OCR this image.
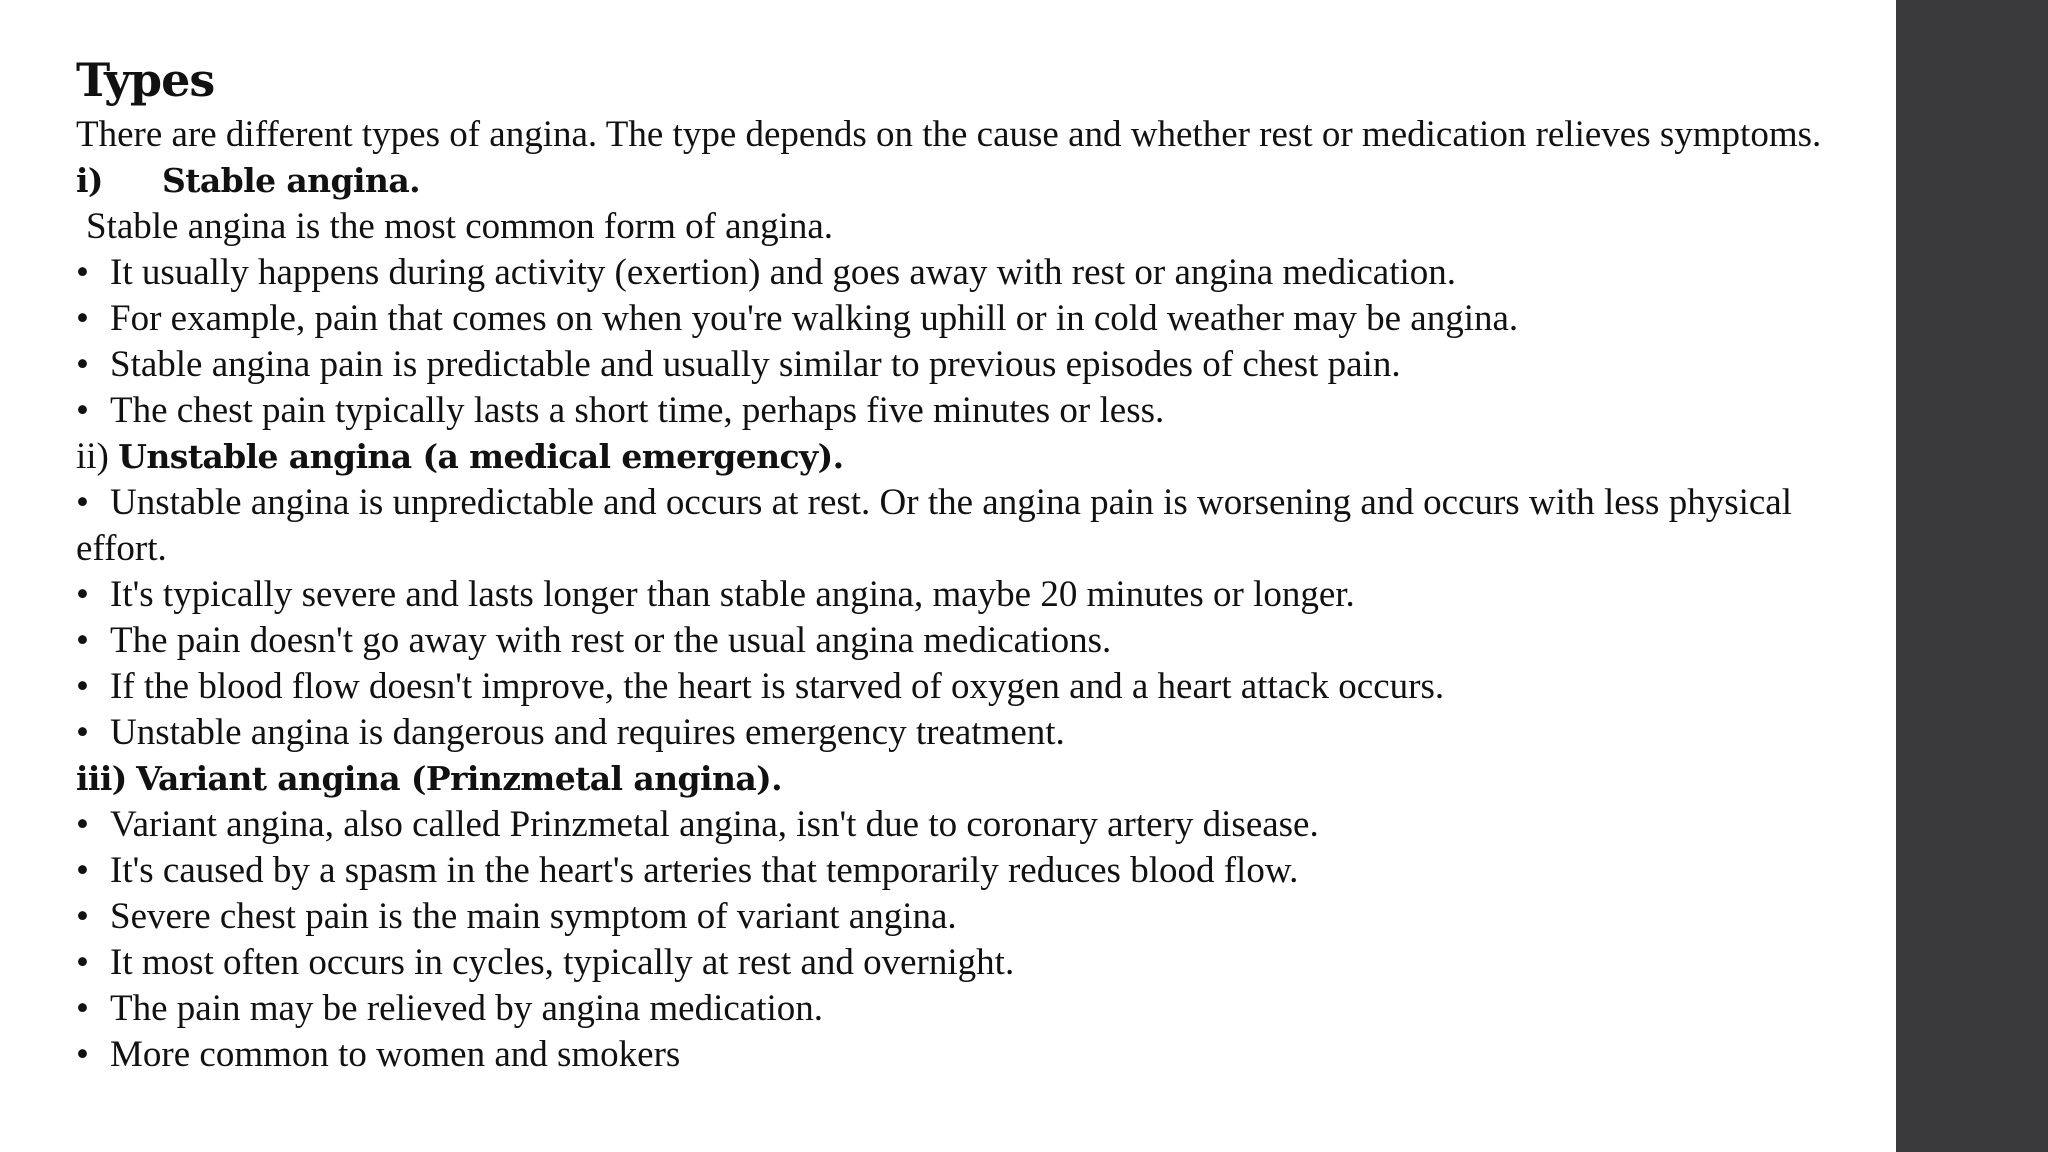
Types

There are different types of angina. The type depends on the cause and whether rest or medication relieves symptoms.

i) Stable angina.

Stable angina is the most common form of angina.

• It usually happens during activity (exertion) and goes away with rest or angina medication.

• For example, pain that comes on when you're walking uphill or in cold weather may be angina.

• Stable angina pain is predictable and usually similar to previous episodes of chest pain.

• The chest pain typically lasts a short time, perhaps five minutes or less.

ii) Unstable angina (a medical emergency).

• Unstable angina is unpredictable and occurs at rest. Or the angina pain is worsening and occurs with less physical effort.

• It's typically severe and lasts longer than stable angina, maybe 20 minutes or longer.

• The pain doesn't go away with rest or the usual angina medications.

• If the blood flow doesn't improve, the heart is starved of oxygen and a heart attack occurs.

• Unstable angina is dangerous and requires emergency treatment.

iii) Variant angina (Prinzmetal angina).

• Variant angina, also called Prinzmetal angina, isn't due to coronary artery disease.

• It's caused by a spasm in the heart's arteries that temporarily reduces blood flow.

• Severe chest pain is the main symptom of variant angina.

• It most often occurs in cycles, typically at rest and overnight.

• The pain may be relieved by angina medication.

• More common to women and smokers
